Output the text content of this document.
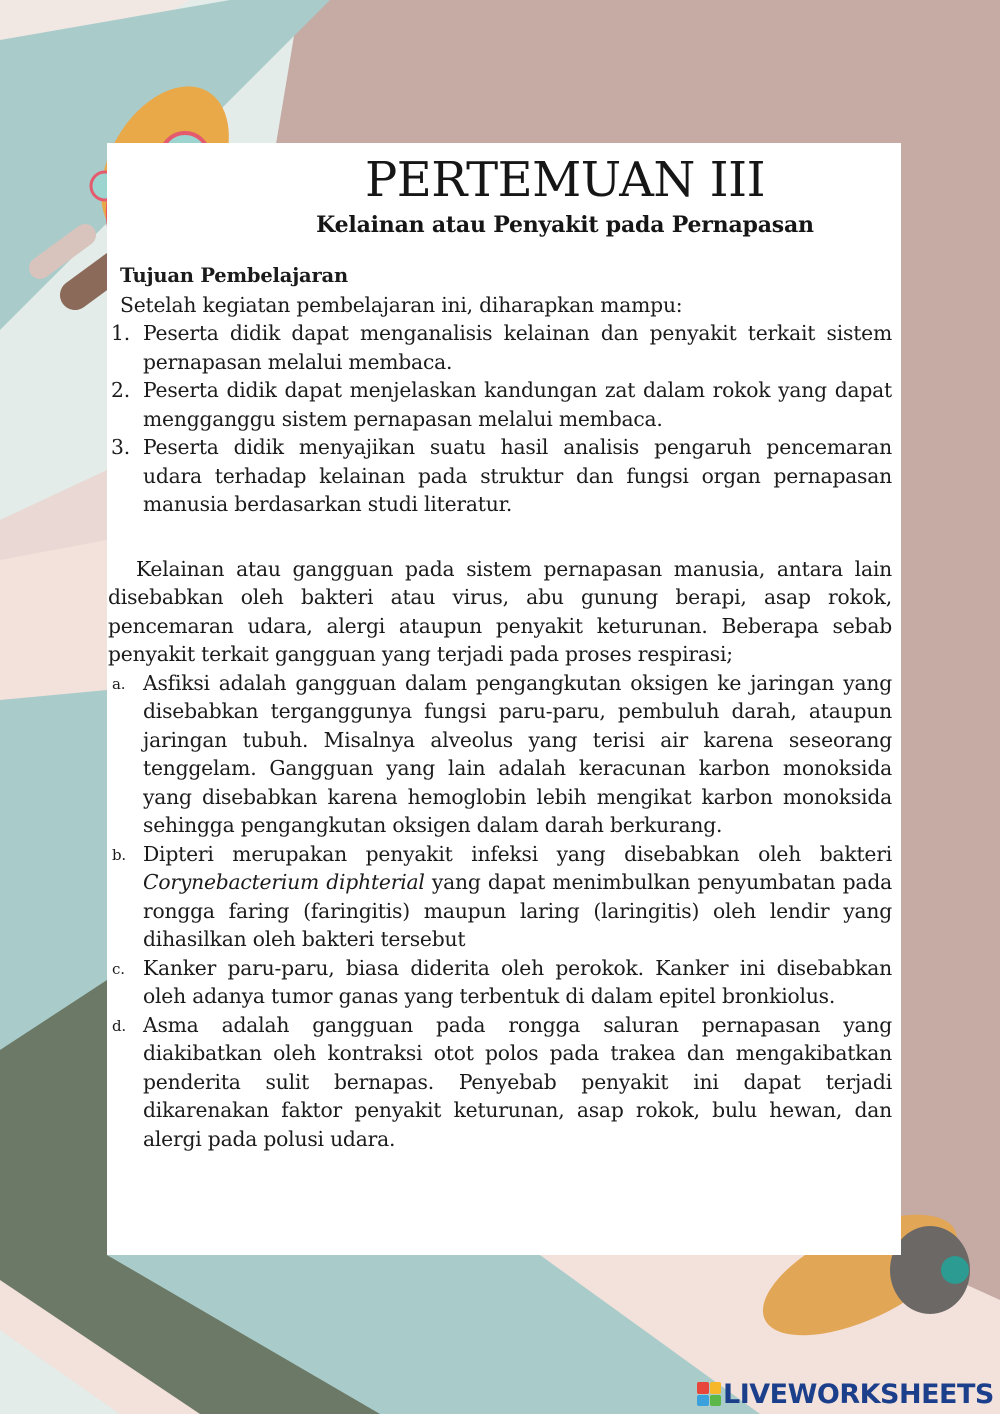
PERTEMUAN III
Kelainan atau Penyakit pada Pernapasan
Tujuan Pembelajaran
Setelah kegiatan pembelajaran ini, diharapkan mampu:
1. Peserta didik dapat menganalisis kelainan dan penyakit terkait sistem pernapasan melalui membaca.
2. Peserta didik dapat menjelaskan kandungan zat dalam rokok yang dapat mengganggu sistem pernapasan melalui membaca.
3. Peserta didik menyajikan suatu hasil analisis pengaruh pencemaran udara terhadap kelainan pada struktur dan fungsi organ pernapasan manusia berdasarkan studi literatur.
Kelainan atau gangguan pada sistem pernapasan manusia, antara lain disebabkan oleh bakteri atau virus, abu gunung berapi, asap rokok, pencemaran udara, alergi ataupun penyakit keturunan. Beberapa sebab penyakit terkait gangguan yang terjadi pada proses respirasi;
a. Asfiksi adalah gangguan dalam pengangkutan oksigen ke jaringan yang disebabkan terganggunya fungsi paru-paru, pembuluh darah, ataupun jaringan tubuh. Misalnya alveolus yang terisi air karena seseorang tenggelam. Gangguan yang lain adalah keracunan karbon monoksida yang disebabkan karena hemoglobin lebih mengikat karbon monoksida sehingga pengangkutan oksigen dalam darah berkurang.
b. Dipteri merupakan penyakit infeksi yang disebabkan oleh bakteri Corynebacterium diphterial yang dapat menimbulkan penyumbatan pada rongga faring (faringitis) maupun laring (laringitis) oleh lendir yang dihasilkan oleh bakteri tersebut
c. Kanker paru-paru, biasa diderita oleh perokok. Kanker ini disebabkan oleh adanya tumor ganas yang terbentuk di dalam epitel bronkiolus.
d. Asma adalah gangguan pada rongga saluran pernapasan yang diakibatkan oleh kontraksi otot polos pada trakea dan mengakibatkan penderita sulit bernapas. Penyebab penyakit ini dapat terjadi dikarenakan faktor penyakit keturunan, asap rokok, bulu hewan, dan alergi pada polusi udara.
LIVEWORKSHEETS
